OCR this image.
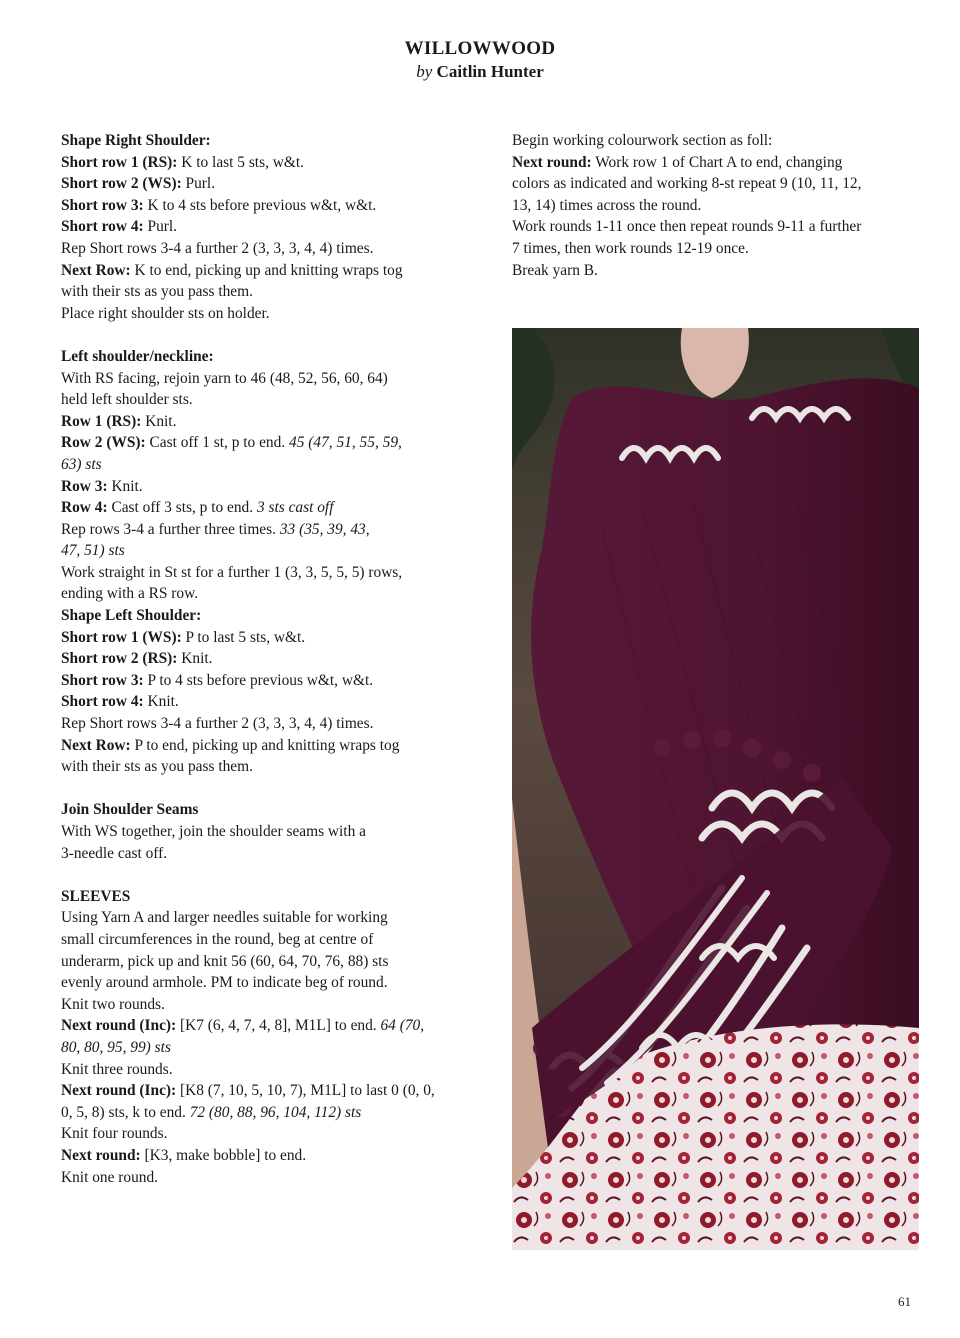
WILLOWWOOD
by Caitlin Hunter
Shape Right Shoulder:
Short row 1 (RS): K to last 5 sts, w&t.
Short row 2 (WS): Purl.
Short row 3: K to 4 sts before previous w&t, w&t.
Short row 4: Purl.
Rep Short rows 3-4 a further 2 (3, 3, 3, 4, 4) times.
Next Row: K to end, picking up and knitting wraps tog
with their sts as you pass them.
Place right shoulder sts on holder.
Left shoulder/neckline:
With RS facing, rejoin yarn to 46 (48, 52, 56, 60, 64)
held left shoulder sts.
Row 1 (RS): Knit.
Row 2 (WS): Cast off 1 st, p to end. 45 (47, 51, 55, 59,
63) sts
Row 3: Knit.
Row 4: Cast off 3 sts, p to end. 3 sts cast off
Rep rows 3-4 a further three times. 33 (35, 39, 43,
47, 51) sts
Work straight in St st for a further 1 (3, 3, 5, 5, 5) rows,
ending with a RS row.
Shape Left Shoulder:
Short row 1 (WS): P to last 5 sts, w&t.
Short row 2 (RS): Knit.
Short row 3: P to 4 sts before previous w&t, w&t.
Short row 4: Knit.
Rep Short rows 3-4 a further 2 (3, 3, 3, 4, 4) times.
Next Row: P to end, picking up and knitting wraps tog
with their sts as you pass them.
Join Shoulder Seams
With WS together, join the shoulder seams with a
3-needle cast off.
SLEEVES
Using Yarn A and larger needles suitable for working
small circumferences in the round, beg at centre of
underarm, pick up and knit 56 (60, 64, 70, 76, 88) sts
evenly around armhole. PM to indicate beg of round.
Knit two rounds.
Next round (Inc): [K7 (6, 4, 7, 4, 8], M1L] to end. 64 (70,
80, 80, 95, 99) sts
Knit three rounds.
Next round (Inc): [K8 (7, 10, 5, 10, 7), M1L] to last 0 (0, 0,
0, 5, 8) sts, k to end. 72 (80, 88, 96, 104, 112) sts
Knit four rounds.
Next round: [K3, make bobble] to end.
Knit one round.
Begin working colourwork section as foll:
Next round: Work row 1 of Chart A to end, changing
colors as indicated and working 8-st repeat 9 (10, 11, 12,
13, 14) times across the round.
Work rounds 1-11 once then repeat rounds 9-11 a further
7 times, then work rounds 12-19 once.
Break yarn B.
61
